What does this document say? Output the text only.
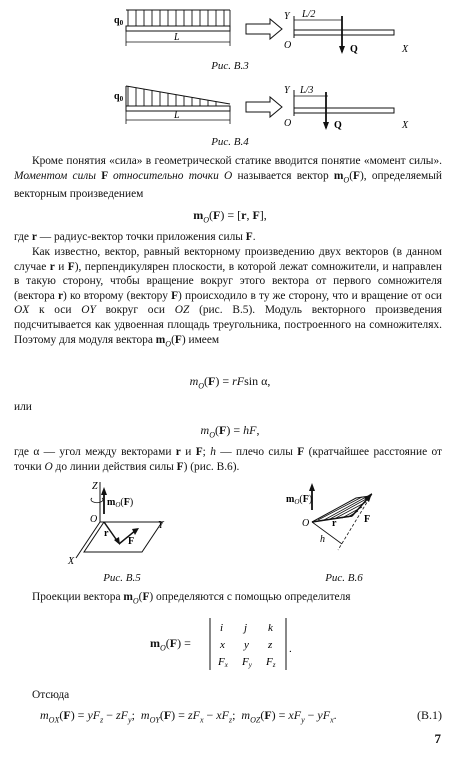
$q_0$
L
Y L/2
O	Q	X
Рис. В.3
$q_0$
L
Y L/3
O	Q	X
Рис. В.4
Кроме понятия «сила» в геометрической статике вводится понятие «момент силы». Моментом силы F относительно точки O называется вектор $m_O(F)$, определяемый векторным произведением
$m_O(F) = [r$, F],
где r — радиус-вектор точки приложения силы F.
Как известно, вектор, равный векторному произведению двух векторов (в данном случае r и F), перпендикулярен плоскости, в которой лежат сомножители, и направлен в такую сторону, чтобы вращение вокруг этого вектора от первого сомножителя (вектора r) ко второму (вектору F) происходило в ту же сторону, что и вращение от оси OX к оси OY вокруг оси OZ (рис. В.5). Модуль векторного произведения подсчитывается как удвоенная площадь треугольника, построенного на сомножителях. Поэтому для модуля вектора $m_O(F)$ имеем
$m_O(F) = rFsin$ α,
или
$m_O(F)$ = hF,
где α — угол между векторами r и F; h — плечо силы F (кратчайшее расстояние от точки O до линии действия силы F) (рис. В.6).
Z
$m_O(F)$
O
Y
X
r
F
Рис. В.5
$m_O(F)$
O r	F
h
Рис. В.6
Проекции вектора $m_O(F)$ определяются с помощью определителя
$m_O(F)$ =
i j k
x y z
Fx Fy Fz
.
Отсюда
$m_{OX}(F) = yF_z - zF_y$;  $m_{OY}(F) = zF_x - xF_z$;  $m_{OZ}(F) = xF_y - yF_x$.	(В.1)
7
